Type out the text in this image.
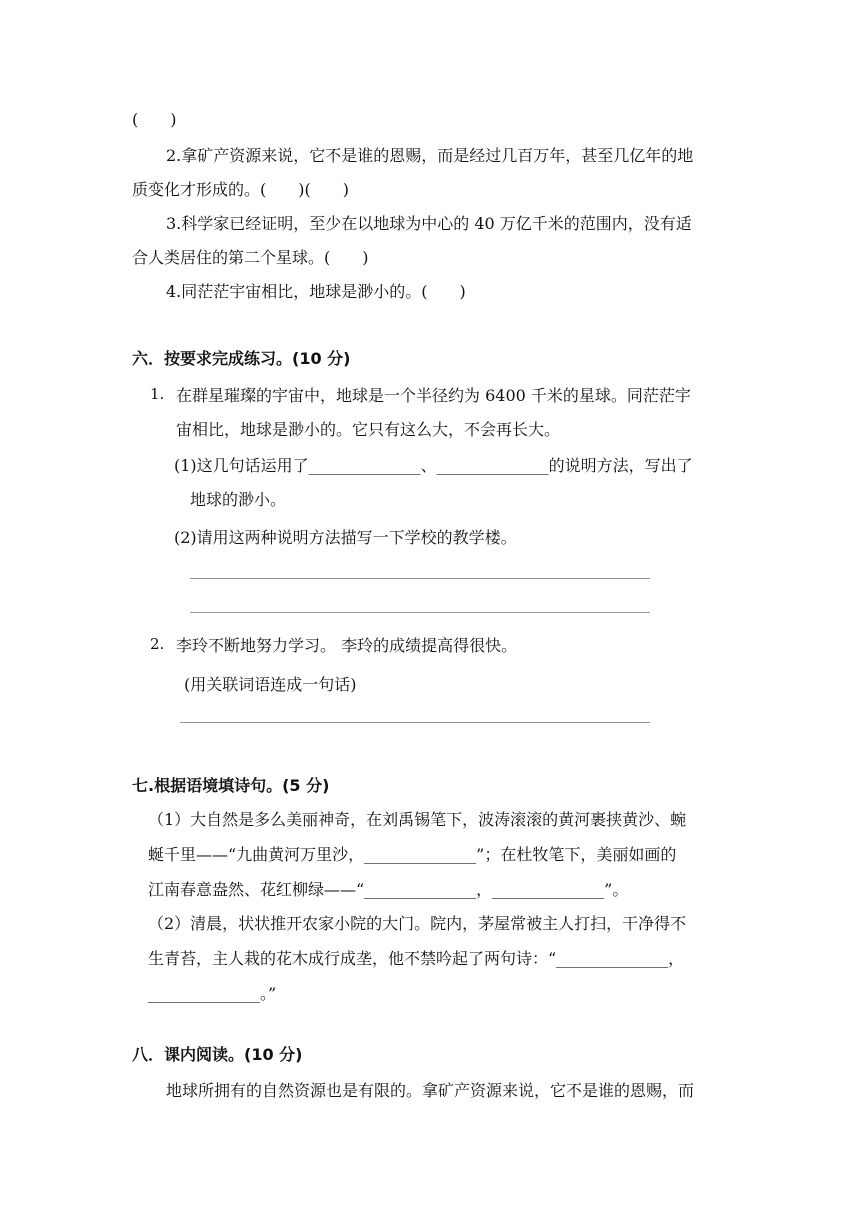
(　　)
2.拿矿产资源来说，它不是谁的恩赐，而是经过几百万年，甚至几亿年的地
质变化才形成的。(　　)(　　)
3.科学家已经证明，至少在以地球为中心的 40 万亿千米的范围内，没有适
合人类居住的第二个星球。(　　)
4.同茫茫宇宙相比，地球是渺小的。(　　)
六．按要求完成练习。(10 分)
1. 在群星璀璨的宇宙中，地球是一个半径约为 6400 千米的星球。同茫茫宇
宙相比，地球是渺小的。它只有这么大，不会再长大。
(1)这几句话运用了______________、______________的说明方法，写出了
地球的渺小。
(2)请用这两种说明方法描写一下学校的教学楼。
2. 李玲不断地努力学习。 李玲的成绩提高得很快。
(用关联词语连成一句话)
七.根据语境填诗句。(5 分)
（1）大自然是多么美丽神奇，在刘禹锡笔下，波涛滚滚的黄河裹挟黄沙、蜿
蜒千里——“九曲黄河万里沙，______________”；在杜牧笔下，美丽如画的
江南春意盎然、花红柳绿——“______________，______________”。
（2）清晨，状状推开农家小院的大门。院内，茅屋常被主人打扫，干净得不
生青苔，主人栽的花木成行成垄，他不禁吟起了两句诗：“______________，
______________。”
八．课内阅读。(10 分)
地球所拥有的自然资源也是有限的。拿矿产资源来说，它不是谁的恩赐，而
